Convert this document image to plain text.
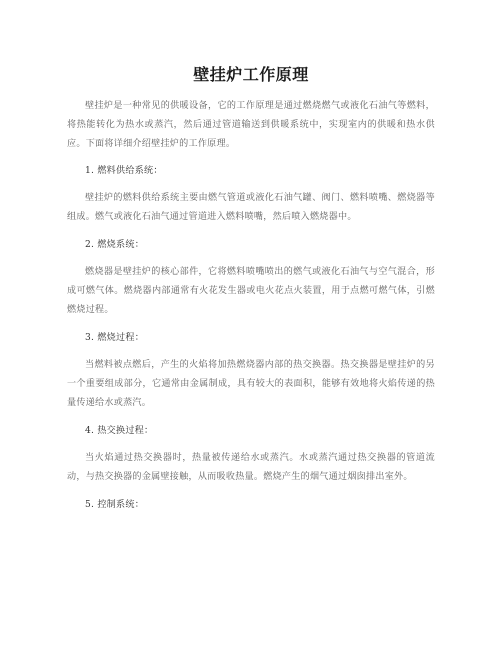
壁挂炉工作原理

壁挂炉是一种常见的供暖设备，它的工作原理是通过燃烧燃气或液化石油气等燃料，将热能转化为热水或蒸汽，然后通过管道输送到供暖系统中，实现室内的供暖和热水供应。下面将详细介绍壁挂炉的工作原理。

1. 燃料供给系统：

壁挂炉的燃料供给系统主要由燃气管道或液化石油气罐、阀门、燃料喷嘴、燃烧器等组成。燃气或液化石油气通过管道进入燃料喷嘴，然后喷入燃烧器中。

2. 燃烧系统：

燃烧器是壁挂炉的核心部件，它将燃料喷嘴喷出的燃气或液化石油气与空气混合，形成可燃气体。燃烧器内部通常有火花发生器或电火花点火装置，用于点燃可燃气体，引燃燃烧过程。

3. 燃烧过程：

当燃料被点燃后，产生的火焰将加热燃烧器内部的热交换器。热交换器是壁挂炉的另一个重要组成部分，它通常由金属制成，具有较大的表面积，能够有效地将火焰传递的热量传递给水或蒸汽。

4. 热交换过程：

当火焰通过热交换器时，热量被传递给水或蒸汽。水或蒸汽通过热交换器的管道流动，与热交换器的金属壁接触，从而吸收热量。燃烧产生的烟气通过烟囱排出室外。

5. 控制系统：
